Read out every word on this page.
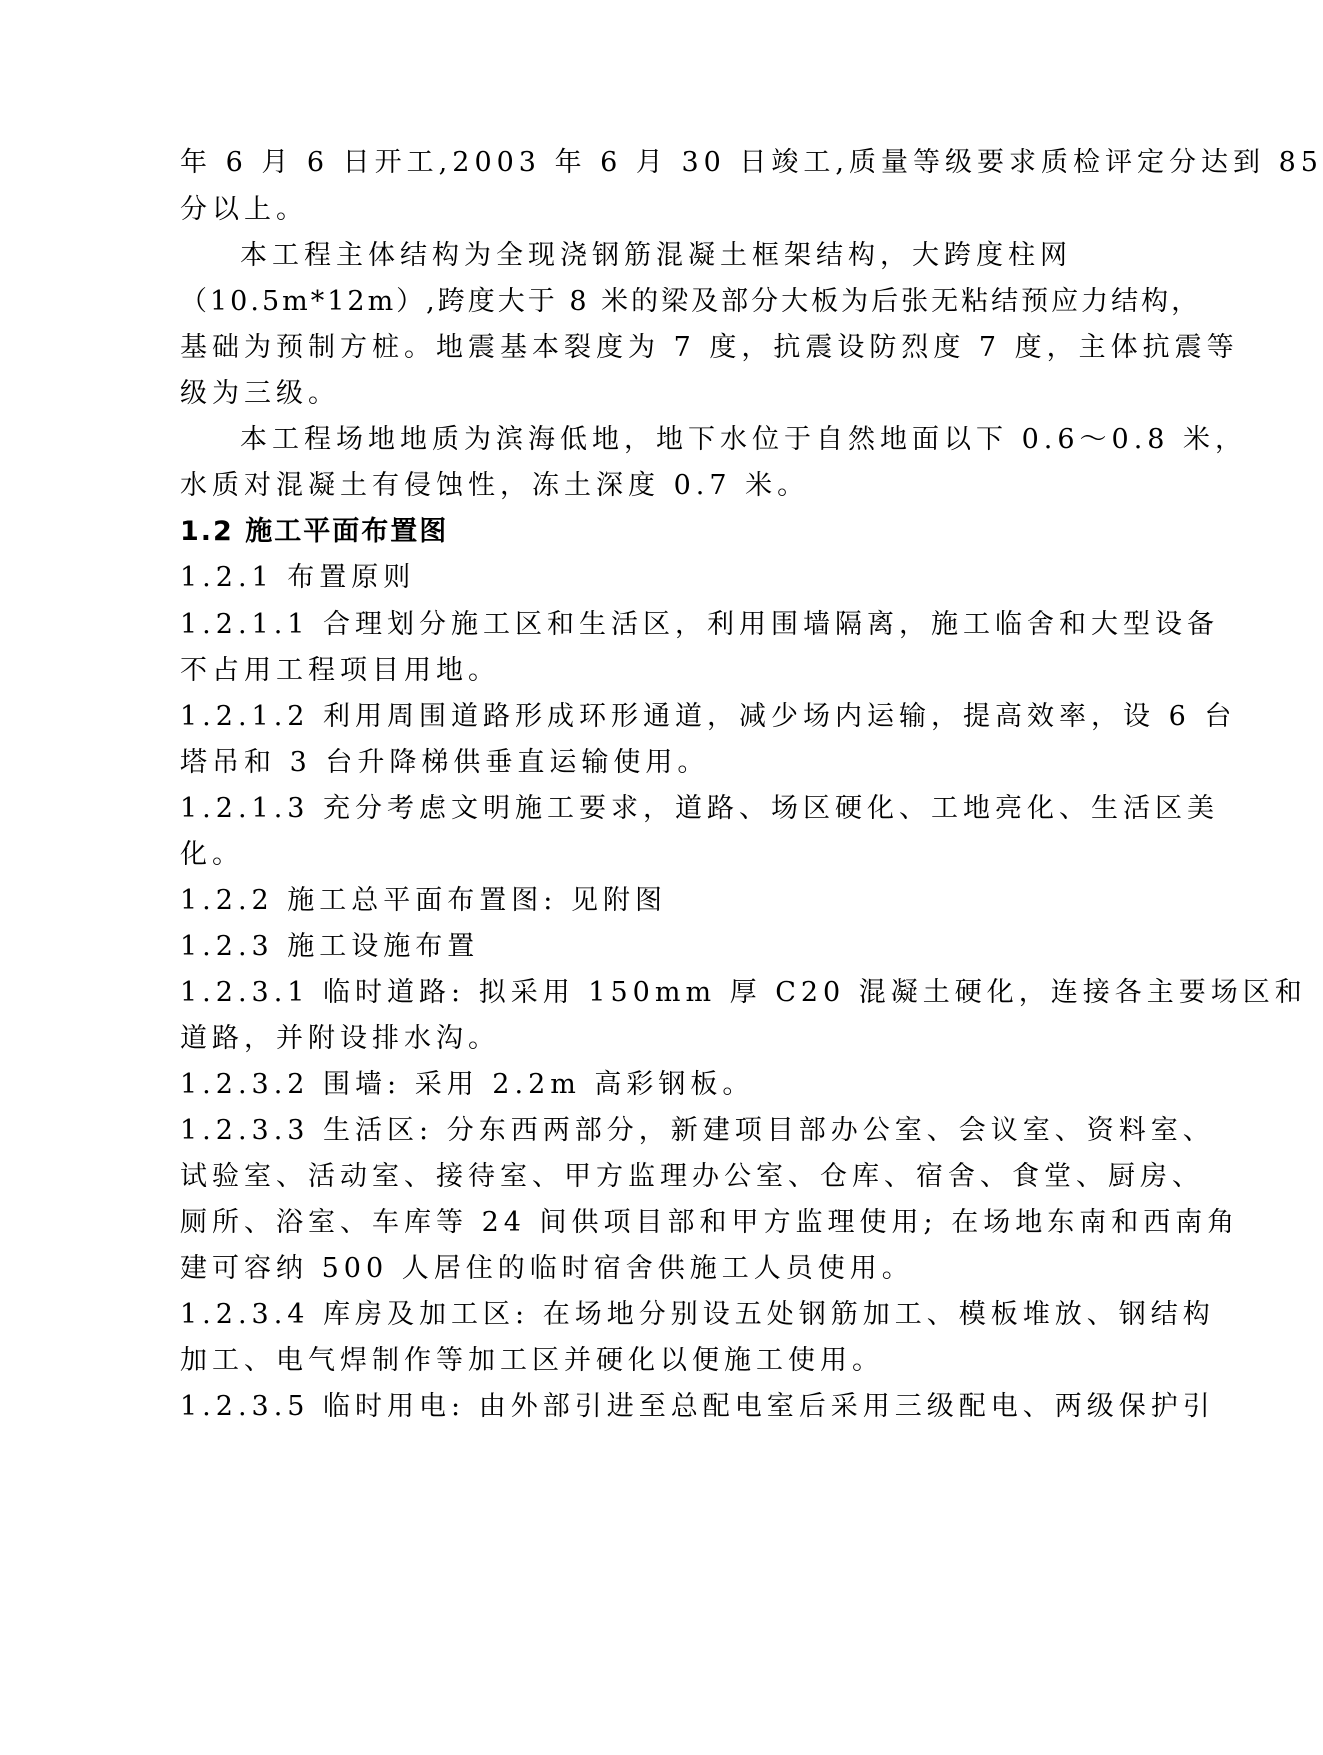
年 6 月 6 日开工,2003 年 6 月 30 日竣工,质量等级要求质检评定分达到 85
分以上。
本工程主体结构为全现浇钢筋混凝土框架结构，大跨度柱网
（10.5m*12m）,跨度大于 8 米的梁及部分大板为后张无粘结预应力结构，
基础为预制方桩。地震基本裂度为 7 度，抗震设防烈度 7 度，主体抗震等
级为三级。
本工程场地地质为滨海低地，地下水位于自然地面以下 0.6～0.8 米，
水质对混凝土有侵蚀性，冻土深度 0.7 米。
1.2 施工平面布置图
1.2.1 布置原则
1.2.1.1 合理划分施工区和生活区，利用围墙隔离，施工临舍和大型设备
不占用工程项目用地。
1.2.1.2 利用周围道路形成环形通道，减少场内运输，提高效率，设 6 台
塔吊和 3 台升降梯供垂直运输使用。
1.2.1.3 充分考虑文明施工要求，道路、场区硬化、工地亮化、生活区美
化。
1.2.2 施工总平面布置图: 见附图
1.2.3 施工设施布置
1.2.3.1 临时道路: 拟采用 150mm 厚 C20 混凝土硬化，连接各主要场区和
道路，并附设排水沟。
1.2.3.2 围墙: 采用 2.2m 高彩钢板。
1.2.3.3 生活区: 分东西两部分，新建项目部办公室、会议室、资料室、
试验室、活动室、接待室、甲方监理办公室、仓库、宿舍、食堂、厨房、
厕所、浴室、车库等 24 间供项目部和甲方监理使用; 在场地东南和西南角
建可容纳 500 人居住的临时宿舍供施工人员使用。
1.2.3.4 库房及加工区: 在场地分别设五处钢筋加工、模板堆放、钢结构
加工、电气焊制作等加工区并硬化以便施工使用。
1.2.3.5 临时用电: 由外部引进至总配电室后采用三级配电、两级保护引
